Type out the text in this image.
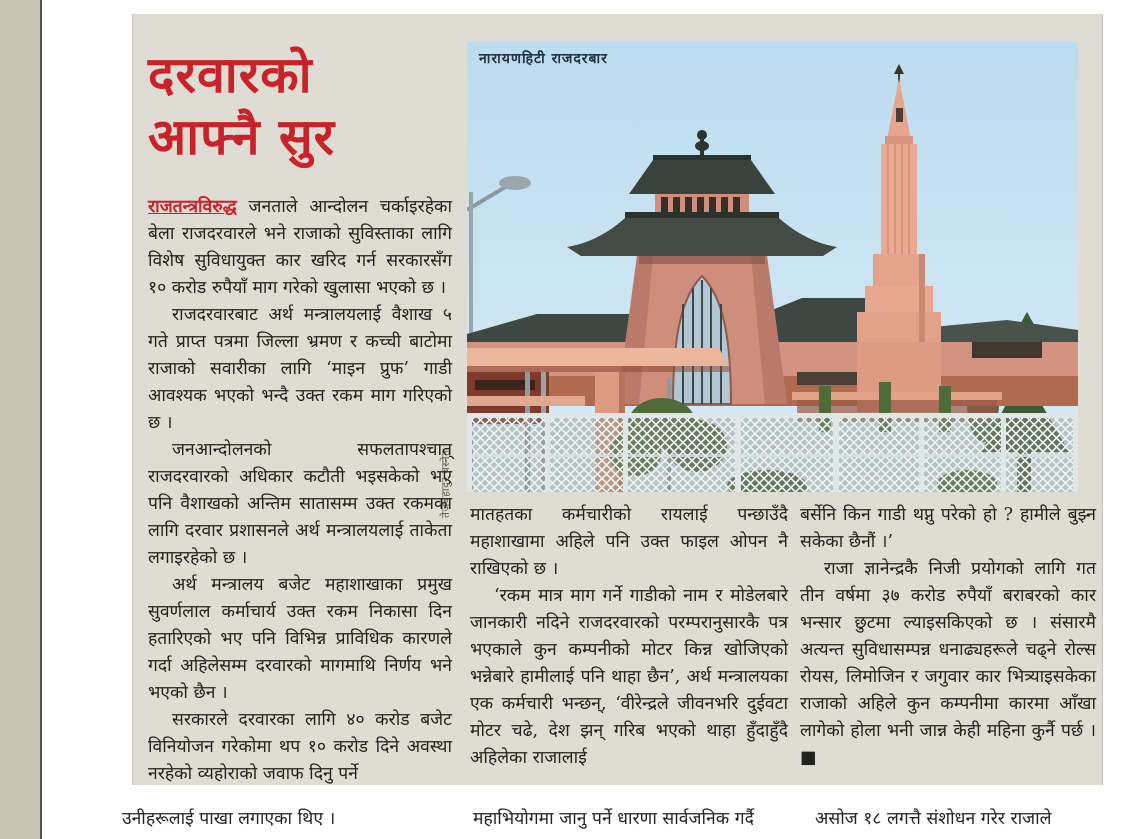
दरवारको
आफ्नै सुर
नारायणहिटी राजदरबार
तेजबहादुर बस्नेत

राजतन्त्रविरुद्ध जनताले आन्दोलन चर्काइरहेका बेला राजदरवारले भने राजाको सुविस्ताका लागि विशेष सुविधायुक्त कार खरिद गर्न सरकारसँग १० करोड रुपैयाँ माग गरेको खुलासा भएको छ ।

राजदरवारबाट अर्थ मन्त्रालयलाई वैशाख ५ गते प्राप्त पत्रमा जिल्ला भ्रमण र कच्ची बाटोमा राजाको सवारीका लागि ‘माइन प्रुफ’ गाडी आवश्यक भएको भन्दै उक्त रकम माग गरिएको छ ।

जनआन्दोलनको सफलतापश्चात् राजदरवारको अधिकार कटौती भइसकेको भए पनि वैशाखको अन्तिम सातासम्म उक्त रकमका लागि दरवार प्रशासनले अर्थ मन्त्रालयलाई ताकेता लगाइरहेको छ ।

अर्थ मन्त्रालय बजेट महाशाखाका प्रमुख सुवर्णलाल कर्माचार्य उक्त रकम निकासा दिन हतारिएको भए पनि विभिन्न प्राविधिक कारणले गर्दा अहिलेसम्म दरवारको मागमाथि निर्णय भने भएको छैन ।

सरकारले दरवारका लागि ४० करोड बजेट विनियोजन गरेकोमा थप १० करोड दिने अवस्था नरहेको व्यहोराको जवाफ दिनु पर्ने

मातहतका कर्मचारीको रायलाई पन्छाउँदै महाशाखामा अहिले पनि उक्त फाइल ओपन नै राखिएको छ ।

‘रकम मात्र माग गर्ने गाडीको नाम र मोडेलबारे जानकारी नदिने राजदरवारको परम्परानुसारकै पत्र भएकाले कुन कम्पनीको मोटर किन्न खोजिएको भन्नेबारे हामीलाई पनि थाहा छैन’, अर्थ मन्त्रालयका एक कर्मचारी भन्छन्, ‘वीरेन्द्रले जीवनभरि दुईवटा मोटर चढे, देश झन् गरिब भएको थाहा हुँदाहुँदै अहिलेका राजालाई

बर्सेनि किन गाडी थप्नु परेको हो ? हामीले बुझ्न सकेका छैनौं ।’

राजा ज्ञानेन्द्रकै निजी प्रयोगको लागि गत तीन वर्षमा ३७ करोड रुपैयाँ बराबरको कार भन्सार छुटमा ल्याइसकिएको छ । संसारमै अत्यन्त सुविधासम्पन्न धनाढ्यहरूले चढ्ने रोल्स रोयस, लिमोजिन र जगुवार कार भित्र्याइसकेका राजाको अहिले कुन कम्पनीमा कारमा आँखा लागेको होला भनी जान्न केही महिना कुर्नै पर्छ । ■

उनीहरूलाई पाखा लगाएका थिए ।	महाभियोगमा जानु पर्ने धारणा सार्वजनिक गर्दै	असोज १८ लगत्तै संशोधन गरेर राजाले
